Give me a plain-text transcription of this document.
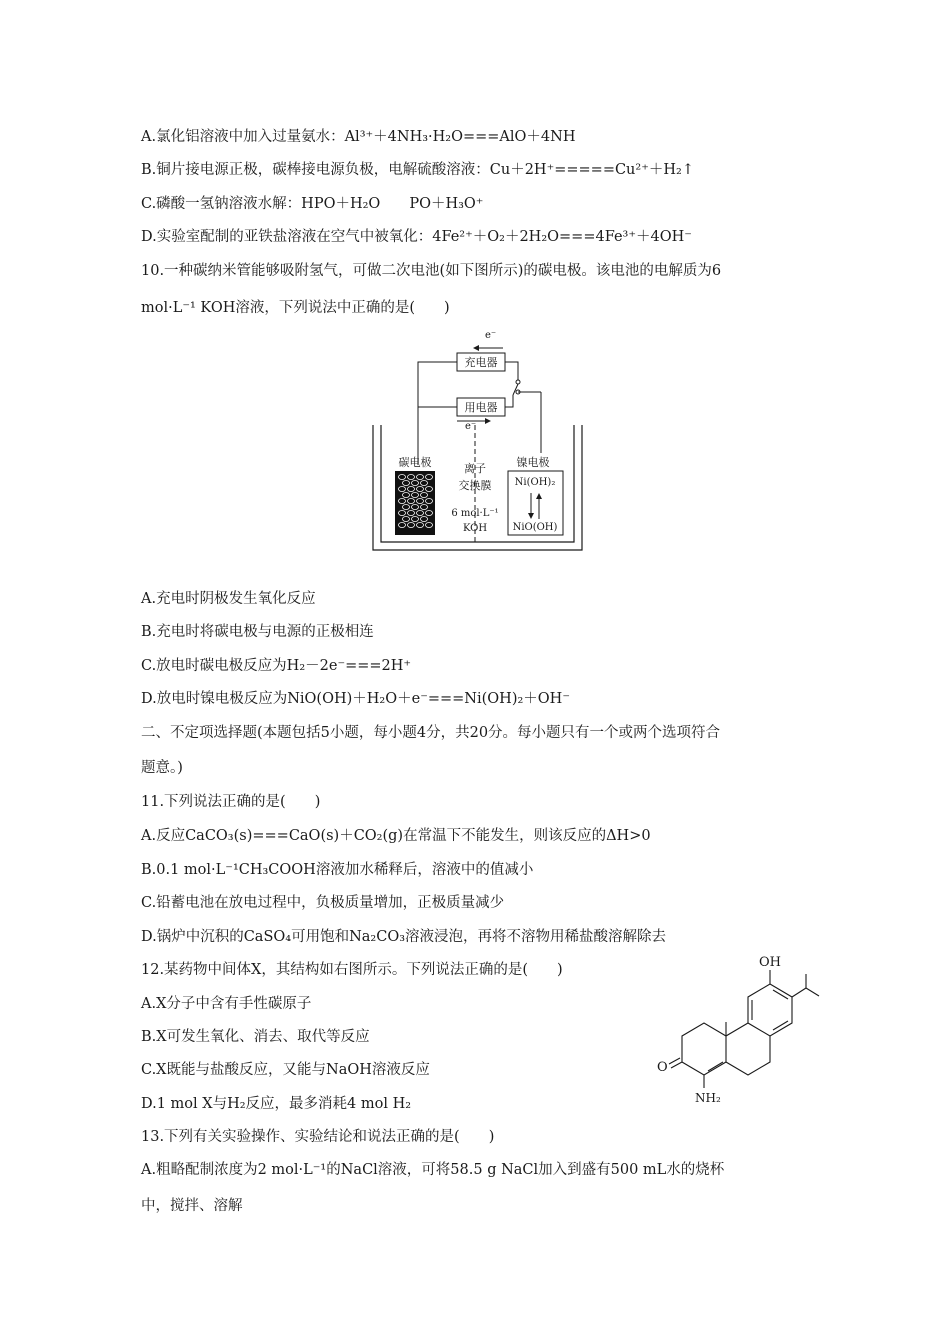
A.氯化铝溶液中加入过量氨水：Al³⁺＋4NH₃·H₂O===AlO＋4NH
B.铜片接电源正极，碳棒接电源负极，电解硫酸溶液：Cu＋2H⁺=====Cu²⁺＋H₂↑
C.磷酸一氢钠溶液水解：HPO＋H₂O　　PO＋H₃O⁺
D.实验室配制的亚铁盐溶液在空气中被氧化：4Fe²⁺＋O₂＋2H₂O===4Fe³⁺＋4OH⁻
10.一种碳纳米管能够吸附氢气，可做二次电池(如下图所示)的碳电极。该电池的电解质为6
mol·L⁻¹ KOH溶液，下列说法中正确的是(　　)
e⁻
充电器
用电器
e⁻
碳电极	镍电极
离子
交换膜
6 mol·L⁻¹
KOH
Ni(OH)₂
NiO(OH)
A.充电时阴极发生氧化反应
B.充电时将碳电极与电源的正极相连
C.放电时碳电极反应为H₂－2e⁻===2H⁺
D.放电时镍电极反应为NiO(OH)＋H₂O＋e⁻===Ni(OH)₂＋OH⁻
二、不定项选择题(本题包括5小题，每小题4分，共20分。每小题只有一个或两个选项符合
题意。)
11.下列说法正确的是(　　)
A.反应CaCO₃(s)===CaO(s)＋CO₂(g)在常温下不能发生，则该反应的ΔH>0
B.0.1 mol·L⁻¹CH₃COOH溶液加水稀释后，溶液中的值减小
C.铅蓄电池在放电过程中，负极质量增加，正极质量减少
D.锅炉中沉积的CaSO₄可用饱和Na₂CO₃溶液浸泡，再将不溶物用稀盐酸溶解除去
12.某药物中间体X，其结构如右图所示。下列说法正确的是(　　)
A.X分子中含有手性碳原子
B.X可发生氧化、消去、取代等反应
C.X既能与盐酸反应，又能与NaOH溶液反应
D.1 mol X与H₂反应，最多消耗4 mol H₂
OH
O
NH₂
13.下列有关实验操作、实验结论和说法正确的是(　　)
A.粗略配制浓度为2 mol·L⁻¹的NaCl溶液，可将58.5 g NaCl加入到盛有500 mL水的烧杯
中，搅拌、溶解
